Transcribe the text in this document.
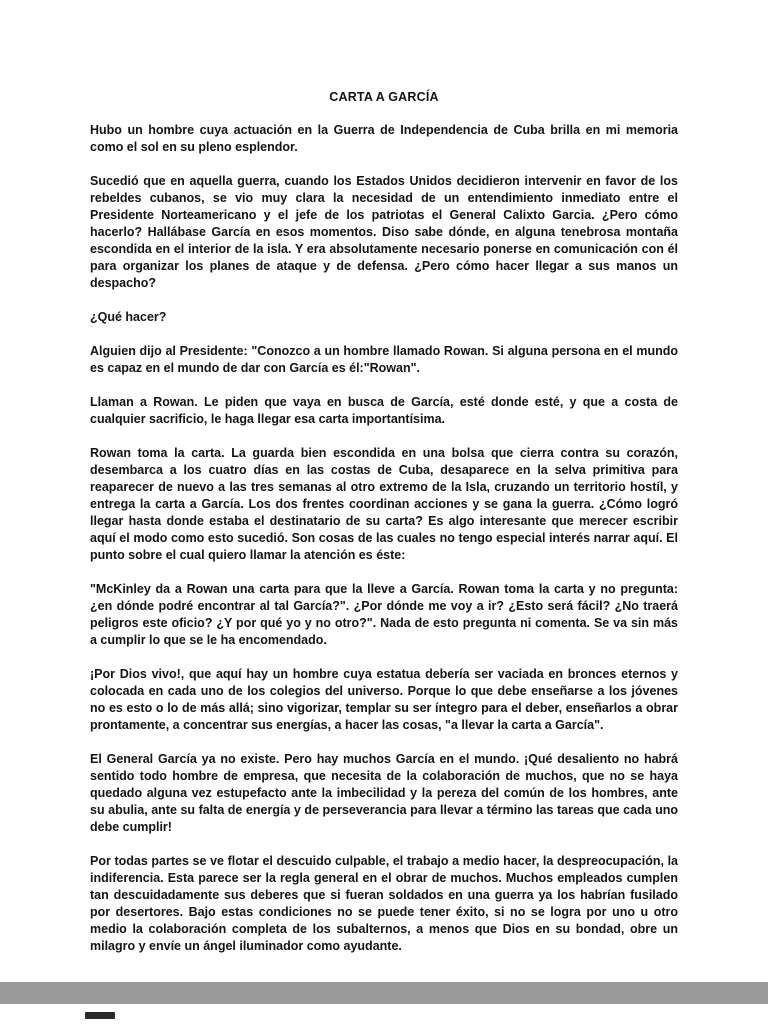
CARTA A GARCÍA

Hubo un hombre cuya actuación en la Guerra de Independencia de Cuba brilla en mi memoria como el sol en su pleno esplendor.

Sucedió que en aquella guerra, cuando los Estados Unidos decidieron intervenir en favor de los rebeldes cubanos, se vio muy clara la necesidad de un entendimiento inmediato entre el Presidente Norteamericano y el jefe de los patriotas el General Calixto Garcia. ¿Pero cómo hacerlo? Hallábase García en esos momentos. Diso sabe dónde, en alguna tenebrosa montaña escondida en el interior de la isla. Y era absolutamente necesario ponerse en comunicación con él para organizar los planes de ataque y de defensa. ¿Pero cómo hacer llegar a sus manos un despacho?

¿Qué hacer?

Alguien dijo al Presidente: "Conozco a un hombre llamado Rowan. Si alguna persona en el mundo es capaz en el mundo de dar con García es él:"Rowan".

Llaman a Rowan. Le piden que vaya en busca de García, esté donde esté, y que a costa de cualquier sacrificio, le haga llegar esa carta importantísima.

Rowan toma la carta. La guarda bien escondida en una bolsa que cierra contra su corazón, desembarca a los cuatro días en las costas de Cuba, desaparece en la selva primitiva para reaparecer de nuevo a las tres semanas al otro extremo de la Isla, cruzando un territorio hostíl, y entrega la carta a García. Los dos frentes coordinan acciones y se gana la guerra. ¿Cómo logró llegar hasta donde estaba el destinatario de su carta? Es algo interesante que merecer escribir aquí el modo como esto sucedió. Son cosas de las cuales no tengo especial interés narrar aquí. El punto sobre el cual quiero llamar la atención es éste:

"McKinley da a Rowan una carta para que la lleve a García. Rowan toma la carta y no pregunta: ¿en dónde podré encontrar al tal García?". ¿Por dónde me voy a ir? ¿Esto será fácil? ¿No traerá peligros este oficio? ¿Y por qué yo y no otro?". Nada de esto pregunta ni comenta. Se va sin más a cumplir lo que se le ha encomendado.

¡Por Dios vivo!, que aquí hay un hombre cuya estatua debería ser vaciada en bronces eternos y colocada en cada uno de los colegios del universo. Porque lo que debe enseñarse a los jóvenes no es esto o lo de más allá; sino vigorizar, templar su ser íntegro para el deber, enseñarlos a obrar prontamente, a concentrar sus energías, a hacer las cosas, "a llevar la carta a García".

El General García ya no existe. Pero hay muchos García en el mundo. ¡Qué desaliento no habrá sentido todo hombre de empresa, que necesita de la colaboración de muchos, que no se haya quedado alguna vez estupefacto ante la imbecilidad y la pereza del común de los hombres, ante su abulia, ante su falta de energía y de perseverancia para llevar a término las tareas que cada uno debe cumplir!

Por todas partes se ve flotar el descuido culpable, el trabajo a medio hacer, la despreocupación, la indiferencia. Esta parece ser la regla general en el obrar de muchos. Muchos empleados cumplen tan descuidadamente sus deberes que si fueran soldados en una guerra ya los habrían fusilado por desertores. Bajo estas condiciones no se puede tener éxito, si no se logra por uno u otro medio la colaboración completa de los subalternos, a menos que Dios en su bondad, obre un milagro y envíe un ángel iluminador como ayudante.
